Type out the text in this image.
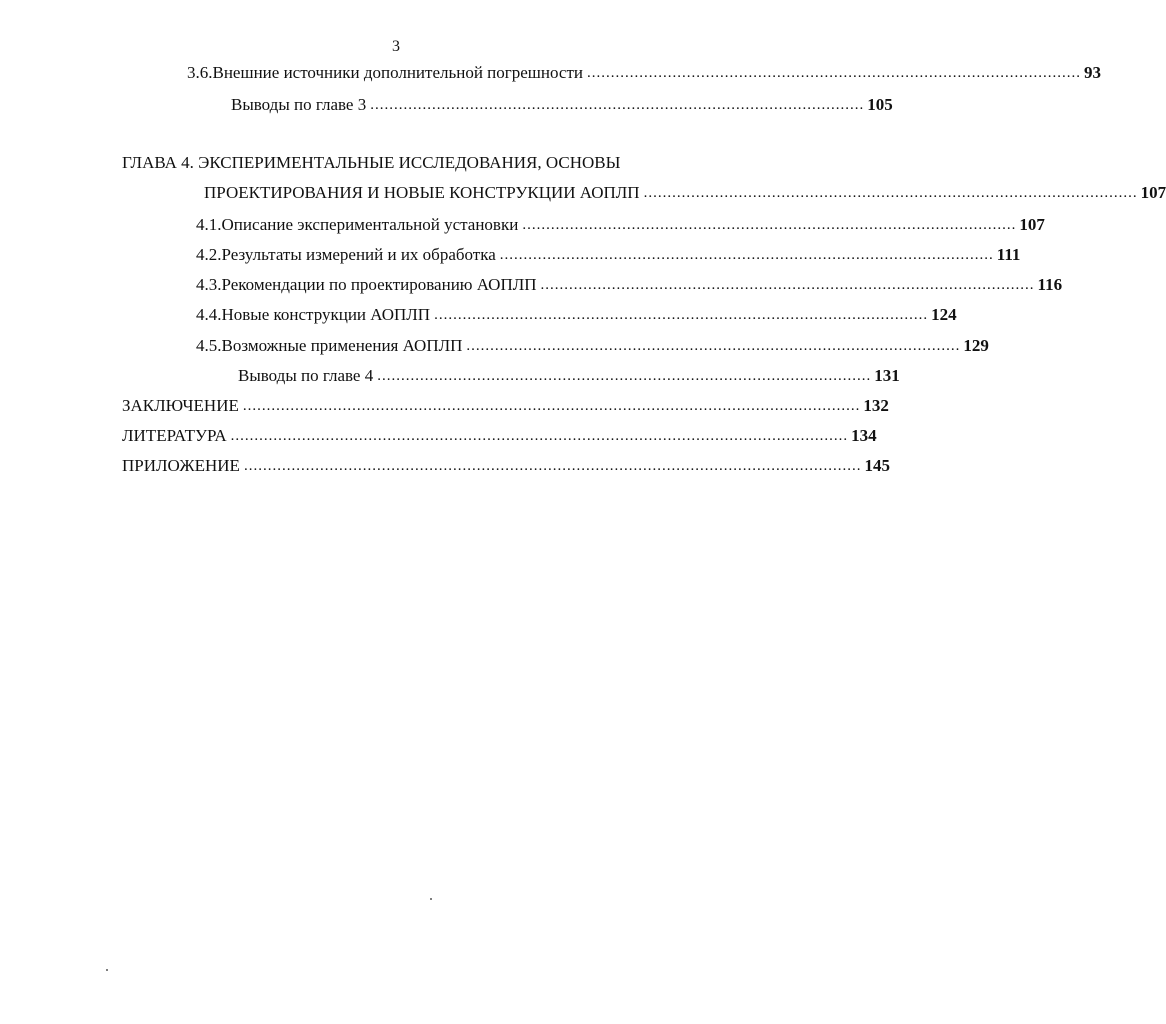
3
3.6. Внешние источники дополнительной погрешности ........................................................................................................ 93
Выводы по главе 3 ........................................................................................................ 105
ГЛАВА 4. ЭКСПЕРИМЕНТАЛЬНЫЕ ИССЛЕДОВАНИЯ, ОСНОВЫ
ПРОЕКТИРОВАНИЯ И НОВЫЕ КОНСТРУКЦИИ АОПЛП ........................................................................................................ 107
4.1. Описание экспериментальной установки ........................................................................................................ 107
4.2. Результаты измерений и их обработка ........................................................................................................ 111
4.3. Рекомендации по проектированию АОПЛП ........................................................................................................ 116
4.4. Новые конструкции АОПЛП ........................................................................................................ 124
4.5. Возможные применения АОПЛП ........................................................................................................ 129
Выводы по главе 4 ........................................................................................................ 131
ЗАКЛЮЧЕНИЕ .................................................................................................................................. 132
ЛИТЕРАТУРА .................................................................................................................................. 134
ПРИЛОЖЕНИЕ .................................................................................................................................. 145
